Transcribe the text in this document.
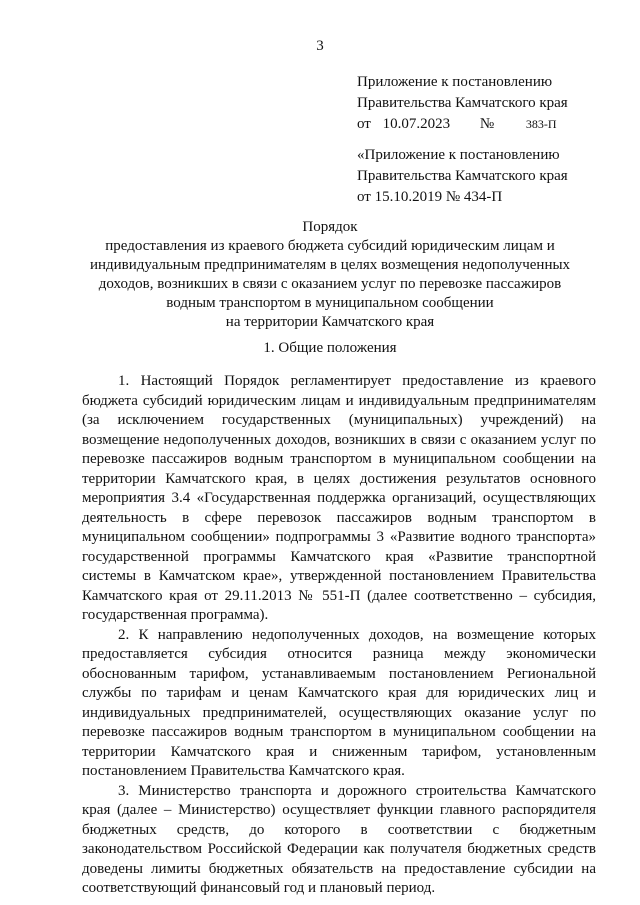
3
Приложение к постановлению
Правительства Камчатского края
от 10.07.2023 №	383-П
«Приложение к постановлению
Правительства Камчатского края
от 15.10.2019 № 434-П
Порядок
предоставления из краевого бюджета субсидий юридическим лицам и
индивидуальным предпринимателям в целях возмещения недополученных
доходов, возникших в связи с оказанием услуг по перевозке пассажиров
водным транспортом в муниципальном сообщении
на территории Камчатского края
1. Общие положения

1. Настоящий Порядок регламентирует предоставление из краевого бюджета субсидий юридическим лицам и индивидуальным предпринимателям (за исключением государственных (муниципальных) учреждений) на возмещение недополученных доходов, возникших в связи с оказанием услуг по перевозке пассажиров водным транспортом в муниципальном сообщении на территории Камчатского края, в целях достижения результатов основного мероприятия 3.4 «Государственная поддержка организаций, осуществляющих деятельность в сфере перевозок пассажиров водным транспортом в муниципальном сообщении» подпрограммы 3 «Развитие водного транспорта» государственной программы Камчатского края «Развитие транспортной системы в Камчатском крае», утвержденной постановлением Правительства Камчатского края от 29.11.2013 № 551-П (далее соответственно – субсидия, государственная программа).

2. К направлению недополученных доходов, на возмещение которых предоставляется субсидия относится разница между экономически обоснованным тарифом, устанавливаемым постановлением Региональной службы по тарифам и ценам Камчатского края для юридических лиц и индивидуальных предпринимателей, осуществляющих оказание услуг по перевозке пассажиров водным транспортом в муниципальном сообщении на территории Камчатского края и сниженным тарифом, установленным постановлением Правительства Камчатского края.

3. Министерство транспорта и дорожного строительства Камчатского края (далее – Министерство) осуществляет функции главного распорядителя бюджетных средств, до которого в соответствии с бюджетным законодательством Российской Федерации как получателя бюджетных средств доведены лимиты бюджетных обязательств на предоставление субсидии на соответствующий финансовый год и плановый период.
